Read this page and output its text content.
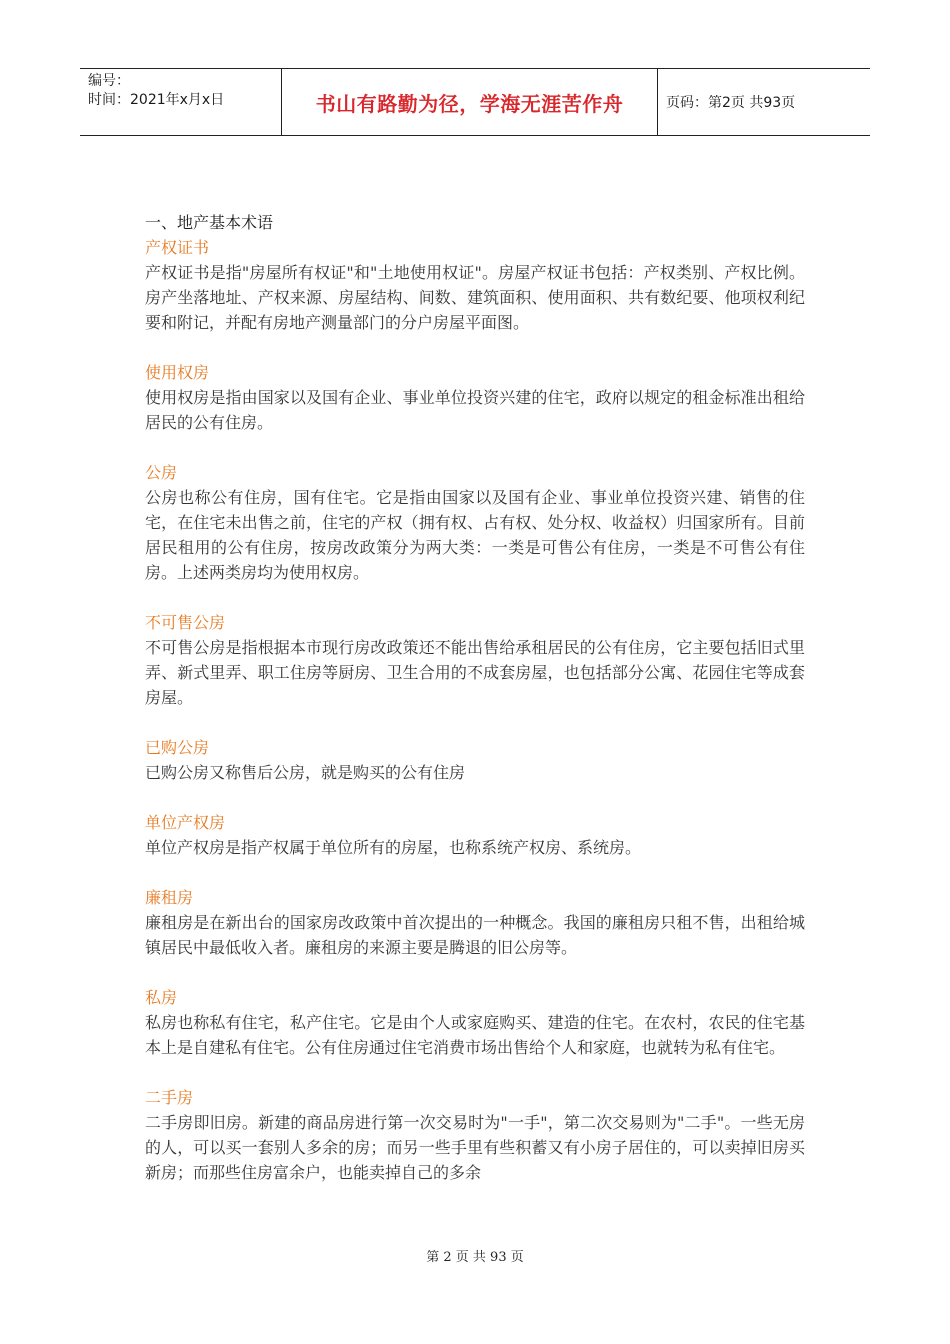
编号：
时间：2021年x月x日	书山有路勤为径，学海无涯苦作舟	页码：第2页 共93页
一、地产基本术语
产权证书

产权证书是指"房屋所有权证"和"土地使用权证"。房屋产权证书包括：产权类别、产权比例。房产坐落地址、产权来源、房屋结构、间数、建筑面积、使用面积、共有数纪要、他项权利纪要和附记，并配有房地产测量部门的分户房屋平面图。

使用权房

使用权房是指由国家以及国有企业、事业单位投资兴建的住宅，政府以规定的租金标准出租给居民的公有住房。

公房

公房也称公有住房，国有住宅。它是指由国家以及国有企业、事业单位投资兴建、销售的住宅，在住宅未出售之前，住宅的产权（拥有权、占有权、处分权、收益权）归国家所有。目前居民租用的公有住房，按房改政策分为两大类：一类是可售公有住房，一类是不可售公有住房。上述两类房均为使用权房。

不可售公房

不可售公房是指根据本市现行房改政策还不能出售给承租居民的公有住房，它主要包括旧式里弄、新式里弄、职工住房等厨房、卫生合用的不成套房屋，也包括部分公寓、花园住宅等成套房屋。

已购公房

已购公房又称售后公房，就是购买的公有住房

单位产权房

单位产权房是指产权属于单位所有的房屋，也称系统产权房、系统房。

廉租房

廉租房是在新出台的国家房改政策中首次提出的一种概念。我国的廉租房只租不售，出租给城镇居民中最低收入者。廉租房的来源主要是腾退的旧公房等。

私房

私房也称私有住宅，私产住宅。它是由个人或家庭购买、建造的住宅。在农村，农民的住宅基本上是自建私有住宅。公有住房通过住宅消费市场出售给个人和家庭，也就转为私有住宅。

二手房

二手房即旧房。新建的商品房进行第一次交易时为"一手"，第二次交易则为"二手"。一些无房的人，可以买一套别人多余的房；而另一些手里有些积蓄又有小房子居住的，可以卖掉旧房买新房；而那些住房富余户，也能卖掉自己的多余

第 2 页 共 93 页
